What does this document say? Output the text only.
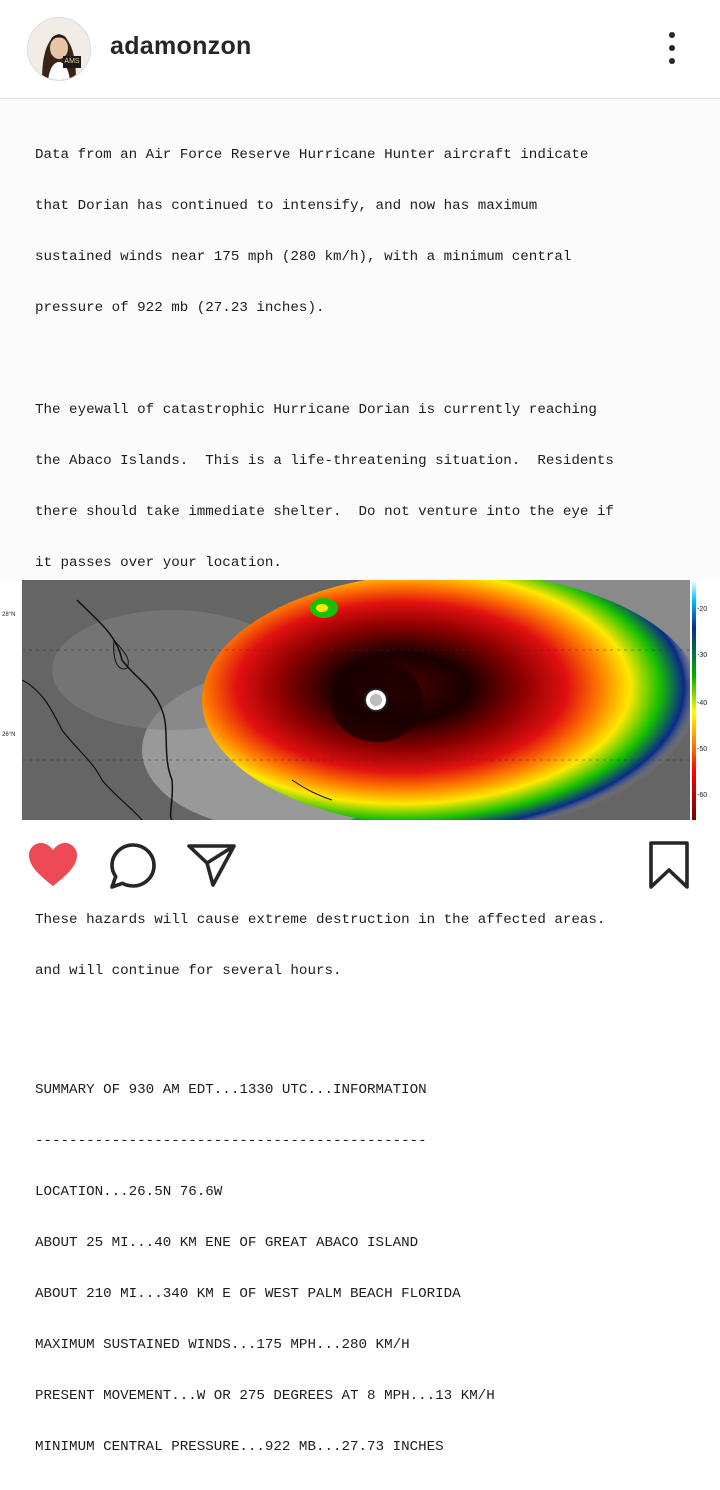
AMS
adamonzon

Data from an Air Force Reserve Hurricane Hunter aircraft indicate

that Dorian has continued to intensify, and now has maximum

sustained winds near 175 mph (280 km/h), with a minimum central

pressure of 922 mb (27.23 inches).

The eyewall of catastrophic Hurricane Dorian is currently reaching

the Abaco Islands.  This is a life-threatening situation.  Residents

there should take immediate shelter.  Do not venture into the eye if

it passes over your location.

These hazards will cause extreme destruction in the affected areas.

and will continue for several hours.

SUMMARY OF 930 AM EDT...1330 UTC...INFORMATION

----------------------------------------------

LOCATION...26.5N 76.6W

ABOUT 25 MI...40 KM ENE OF GREAT ABACO ISLAND

ABOUT 210 MI...340 KM E OF WEST PALM BEACH FLORIDA

MAXIMUM SUSTAINED WINDS...175 MPH...280 KM/H

PRESENT MOVEMENT...W OR 275 DEGREES AT 8 MPH...13 KM/H

MINIMUM CENTRAL PRESSURE...922 MB...27.73 INCHES

28°N
26°N
-20
-30
-40
-50
-60
